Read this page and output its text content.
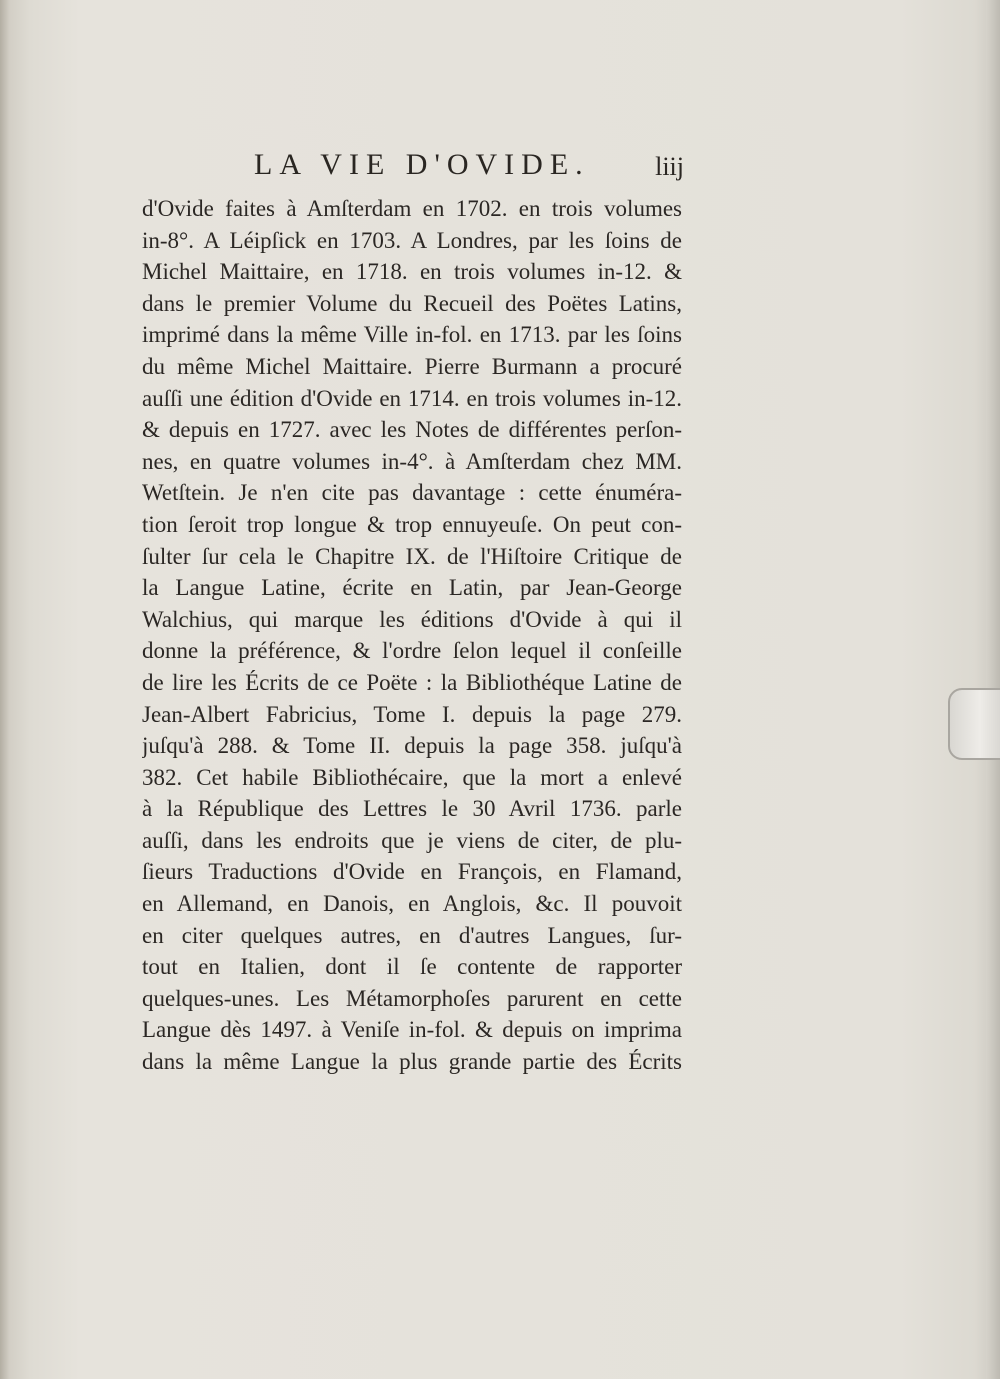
LA VIE D'OVIDE.	liij
d'Ovide faites à Amſterdam en 1702. en trois volumes
in-8°. A Léipſick en 1703. A Londres, par les ſoins de
Michel Maittaire, en 1718. en trois volumes in-12. &
dans le premier Volume du Recueil des Poëtes Latins,
imprimé dans la même Ville in-fol. en 1713. par les ſoins
du même Michel Maittaire. Pierre Burmann a procuré
auſſi une édition d'Ovide en 1714. en trois volumes in-12.
& depuis en 1727. avec les Notes de différentes perſon-
nes, en quatre volumes in-4°. à Amſterdam chez MM.
Wetſtein. Je n'en cite pas davantage : cette énuméra-
tion ſeroit trop longue & trop ennuyeuſe. On peut con-
ſulter ſur cela le Chapitre IX. de l'Hiſtoire Critique de
la Langue Latine, écrite en Latin, par Jean-George
Walchius, qui marque les éditions d'Ovide à qui il
donne la préférence, & l'ordre ſelon lequel il conſeille
de lire les Écrits de ce Poëte : la Bibliothéque Latine de
Jean-Albert Fabricius, Tome I. depuis la page 279.
juſqu'à 288. & Tome II. depuis la page 358. juſqu'à
382. Cet habile Bibliothécaire, que la mort a enlevé
à la République des Lettres le 30 Avril 1736. parle
auſſi, dans les endroits que je viens de citer, de plu-
ſieurs Traductions d'Ovide en François, en Flamand,
en Allemand, en Danois, en Anglois, &c. Il pouvoit
en citer quelques autres, en d'autres Langues, ſur-
tout en Italien, dont il ſe contente de rapporter
quelques-unes. Les Métamorphoſes parurent en cette
Langue dès 1497. à Veniſe in-fol. & depuis on imprima
dans la même Langue la plus grande partie des Écrits
